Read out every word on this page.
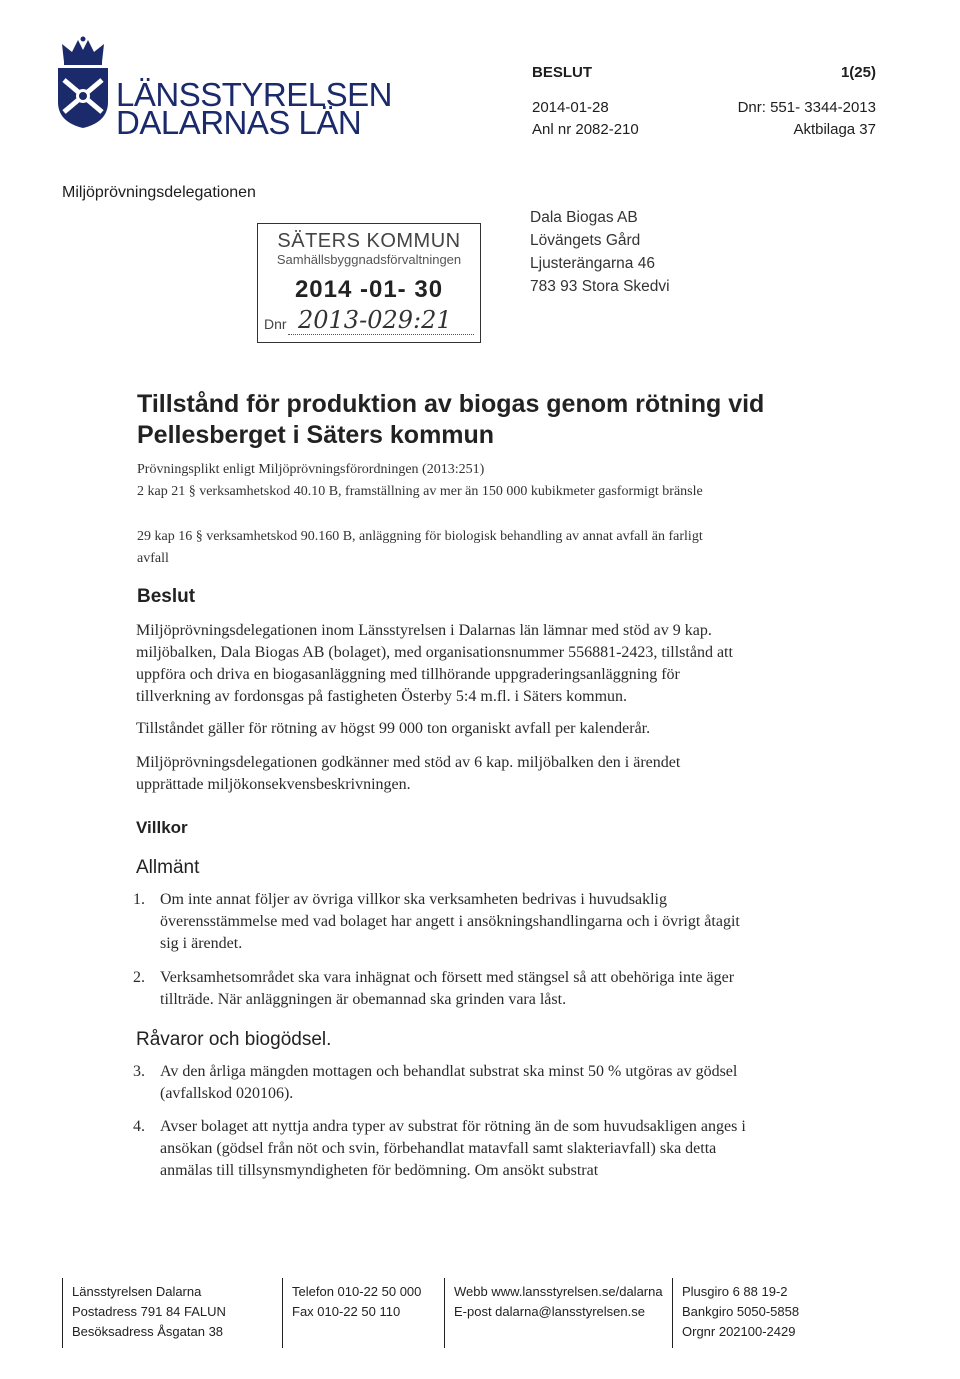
LÄNSSTYRELSEN
DALARNAS LÄN
BESLUT	1(25)
2014-01-28	Dnr: 551- 3344-2013
Anl nr 2082-210	Aktbilaga 37
Miljöprövningsdelegationen
SÄTERS KOMMUN
Samhällsbyggnadsförvaltningen
2014 -01- 30
Dnr 2013-029:21
Dala Biogas AB
Lövängets Gård
Ljusterängarna 46
783 93 Stora Skedvi
Tillstånd för produktion av biogas genom rötning vid Pellesberget i Säters kommun
Prövningsplikt enligt Miljöprövningsförordningen (2013:251)
2 kap 21 § verksamhetskod 40.10 B, framställning av mer än 150 000 kubikmeter gasformigt bränsle
29 kap 16 § verksamhetskod 90.160 B, anläggning för biologisk behandling av annat avfall än farligt avfall
Beslut
Miljöprövningsdelegationen inom Länsstyrelsen i Dalarnas län lämnar med stöd av 9 kap. miljöbalken, Dala Biogas AB (bolaget), med organisationsnummer 556881-2423, tillstånd att uppföra och driva en biogasanläggning med tillhörande uppgraderingsanläggning för tillverkning av fordonsgas på fastigheten Österby 5:4 m.fl. i Säters kommun.
Tillståndet gäller för rötning av högst 99 000 ton organiskt avfall per kalenderår.
Miljöprövningsdelegationen godkänner med stöd av 6 kap. miljöbalken den i ärendet upprättade miljökonsekvensbeskrivningen.
Villkor
Allmänt
1. Om inte annat följer av övriga villkor ska verksamheten bedrivas i huvudsaklig överensstämmelse med vad bolaget har angett i ansökningshandlingarna och i övrigt åtagit sig i ärendet.
2. Verksamhetsområdet ska vara inhägnat och försett med stängsel så att obehöriga inte äger tillträde. När anläggningen är obemannad ska grinden vara låst.
Råvaror och biogödsel.
3. Av den årliga mängden mottagen och behandlat substrat ska minst 50 % utgöras av gödsel (avfallskod 020106).
4. Avser bolaget att nyttja andra typer av substrat för rötning än de som huvudsakligen anges i ansökan (gödsel från nöt och svin, förbehandlat matavfall samt slakteriavfall) ska detta anmälas till tillsynsmyndigheten för bedömning. Om ansökt substrat
Länsstyrelsen Dalarna
Postadress 791 84 FALUN
Besöksadress Åsgatan 38
Telefon 010-22 50 000
Fax 010-22 50 110
Webb www.lansstyrelsen.se/dalarna
E-post dalarna@lansstyrelsen.se
Plusgiro 6 88 19-2
Bankgiro 5050-5858
Orgnr 202100-2429
